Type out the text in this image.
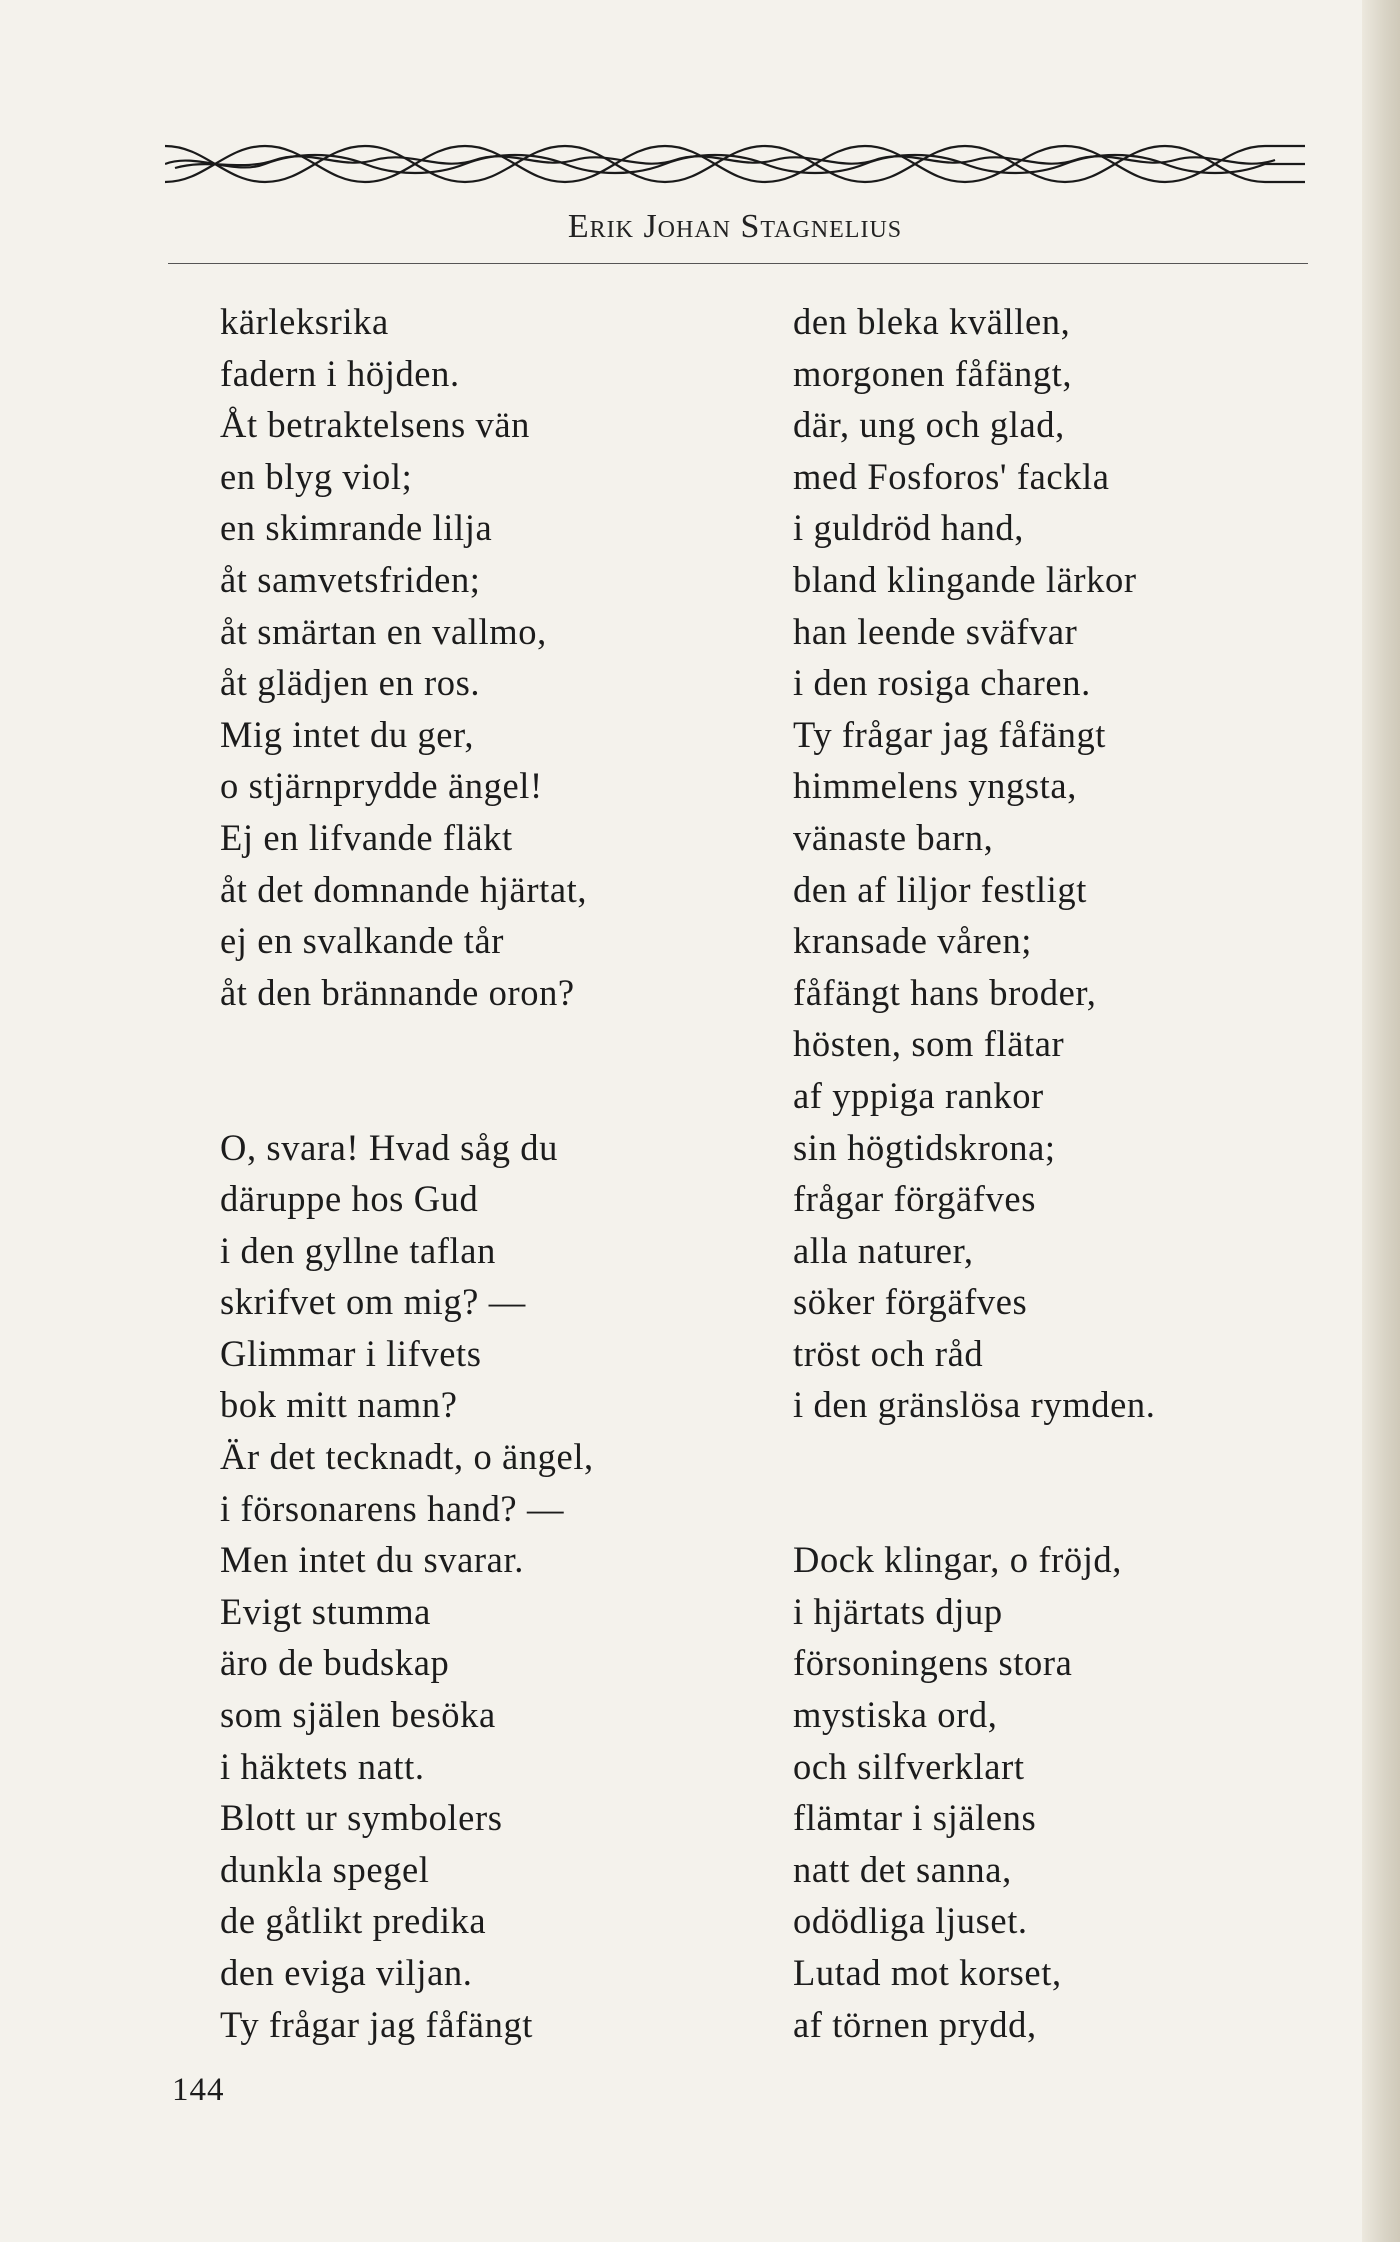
Erik Johan Stagnelius
kärleksrika
fadern i höjden.
Åt betraktelsens vän
en blyg viol;
en skimrande lilja
åt samvetsfriden;
åt smärtan en vallmo,
åt glädjen en ros.
Mig intet du ger,
o stjärnprydde ängel!
Ej en lifvande fläkt
åt det domnande hjärtat,
ej en svalkande tår
åt den brännande oron?
O, svara! Hvad såg du
däruppe hos Gud
i den gyllne taflan
skrifvet om mig? —
Glimmar i lifvets
bok mitt namn?
Är det tecknadt, o ängel,
i försonarens hand? —
Men intet du svarar.
Evigt stumma
äro de budskap
som själen besöka
i häktets natt.
Blott ur symbolers
dunkla spegel
de gåtlikt predika
den eviga viljan.
Ty frågar jag fåfängt
den bleka kvällen,
morgonen fåfängt,
där, ung och glad,
med Fosforos' fackla
i guldröd hand,
bland klingande lärkor
han leende sväfvar
i den rosiga charen.
Ty frågar jag fåfängt
himmelens yngsta,
vänaste barn,
den af liljor festligt
kransade våren;
fåfängt hans broder,
hösten, som flätar
af yppiga rankor
sin högtidskrona;
frågar förgäfves
alla naturer,
söker förgäfves
tröst och råd
i den gränslösa rymden.
Dock klingar, o fröjd,
i hjärtats djup
försoningens stora
mystiska ord,
och silfverklart
flämtar i själens
natt det sanna,
odödliga ljuset.
Lutad mot korset,
af törnen prydd,
144
